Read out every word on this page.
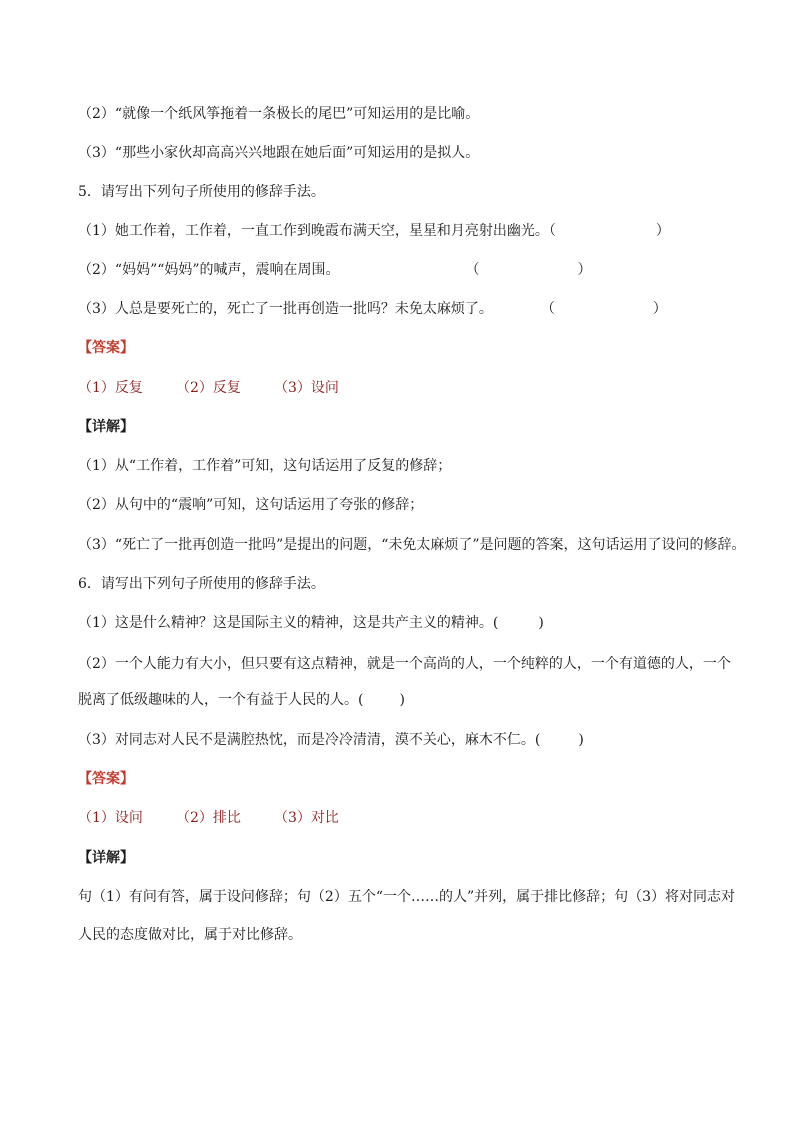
（2）“就像一个纸风筝拖着一条极长的尾巴”可知运用的是比喻。
（3）“那些小家伙却高高兴兴地跟在她后面”可知运用的是拟人。
5．请写出下列句子所使用的修辞手法。
（1）她工作着，工作着，一直工作到晚霞布满天空，星星和月亮射出幽光。（	）
（2）“妈妈”“妈妈”的喊声，震响在周围。	（	）
（3）人总是要死亡的，死亡了一批再创造一批吗？未免太麻烦了。	（	）
【答案】
（1）反复 （2）反复 （3）设问
【详解】
（1）从“工作着，工作着”可知，这句话运用了反复的修辞；
（2）从句中的“震响”可知，这句话运用了夸张的修辞；
（3）“死亡了一批再创造一批吗”是提出的问题，“未免太麻烦了”是问题的答案，这句话运用了设问的修辞。
6．请写出下列句子所使用的修辞手法。
（1）这是什么精神？这是国际主义的精神，这是共产主义的精神。(	)
（2）一个人能力有大小，但只要有这点精神，就是一个高尚的人，一个纯粹的人，一个有道德的人，一个
脱离了低级趣味的人，一个有益于人民的人。(	)
（3）对同志对人民不是满腔热忱，而是冷冷清清，漠不关心，麻木不仁。(	)
【答案】
（1）设问 （2）排比 （3）对比
【详解】
句（1）有问有答，属于设问修辞；句（2）五个“一个……的人”并列，属于排比修辞；句（3）将对同志对
人民的态度做对比，属于对比修辞。
